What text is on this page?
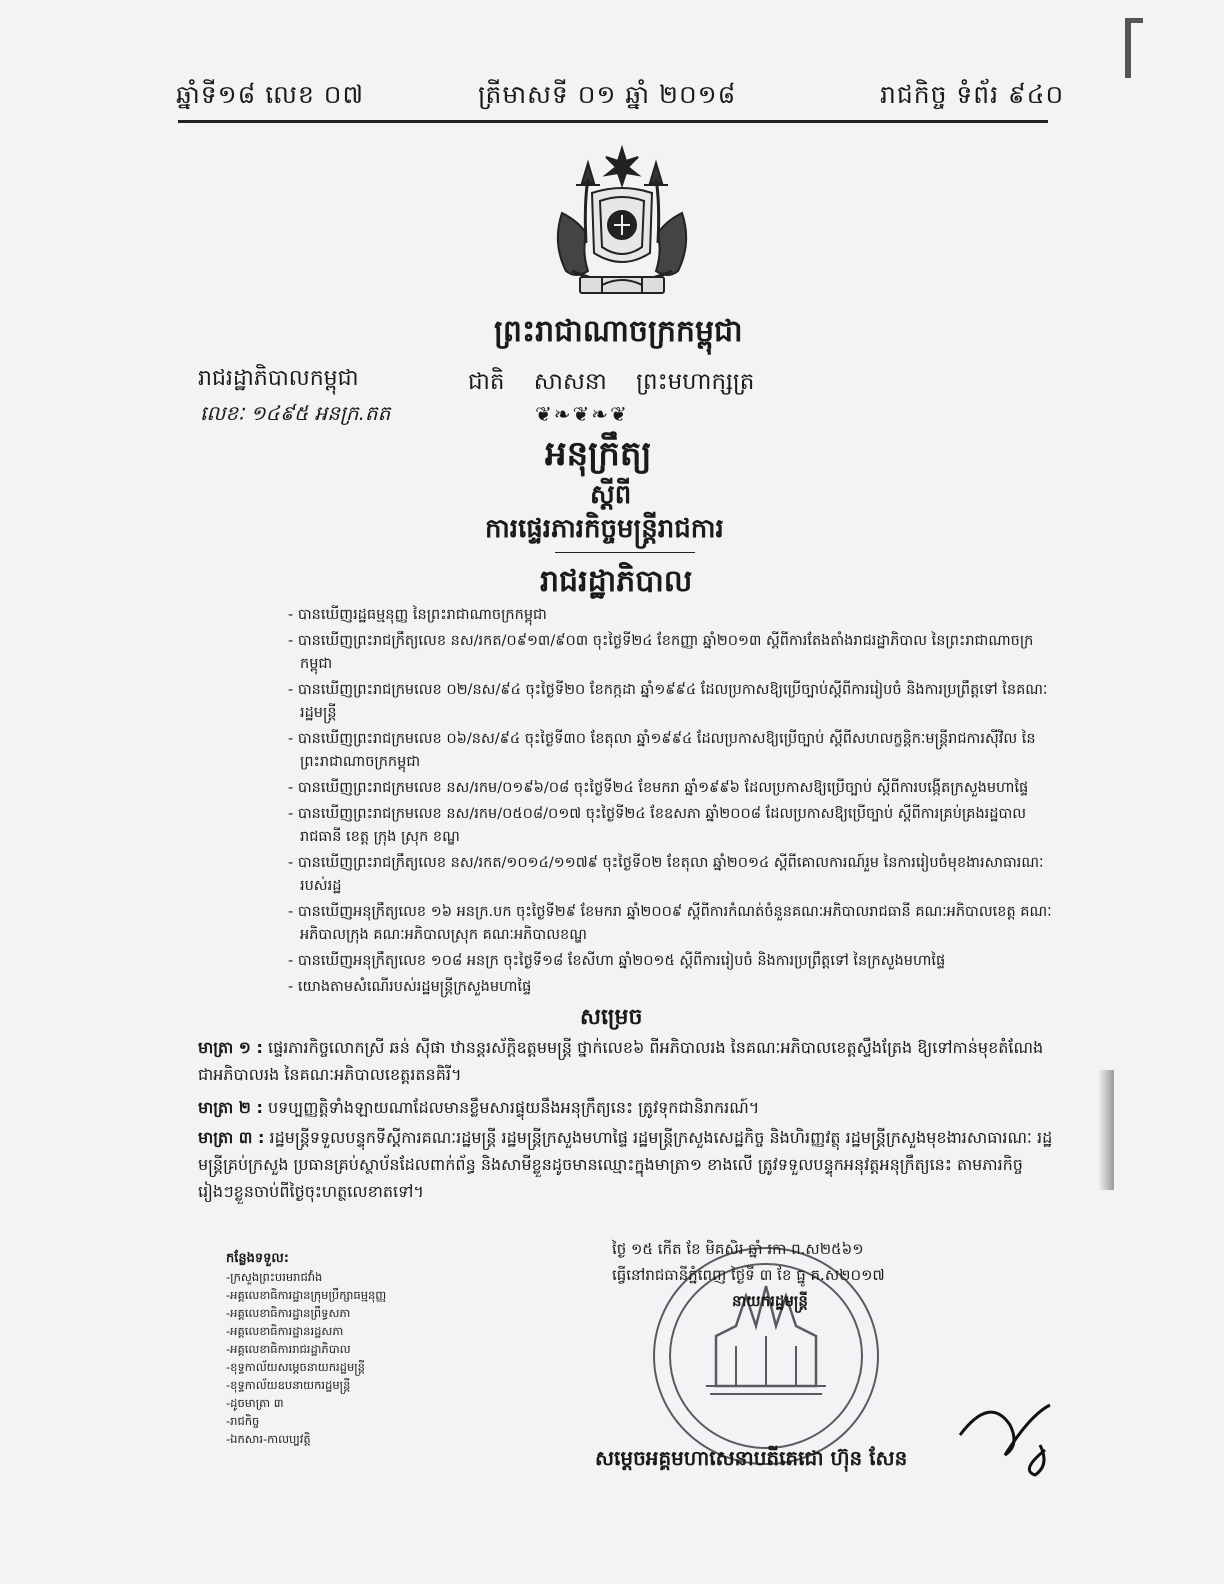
ឆ្នាំទី១៨ លេខ ០៧	ត្រីមាសទី ០១ ឆ្នាំ ២០១៨	រាជកិច្ច ទំព័រ ៩៤០
ព្រះរាជាណាចក្រកម្ពុជា
រាជរដ្ឋាភិបាលកម្ពុជា	ជាតិ សាសនា ព្រះមហាក្សត្រ
លេខៈ ១៤៩៥ អនក្រ.តត	❦❧❦❧❦
អនុក្រឹត្យ
ស្តីពី
ការផ្ទេរភារកិច្ចមន្ត្រីរាជការ
រាជរដ្ឋាភិបាល
- បានឃើញរដ្ឋធម្មនុញ្ញ នៃព្រះរាជាណាចក្រកម្ពុជា
- បានឃើញព្រះរាជក្រឹត្យលេខ នស/រកត/០៩១៣/៩០៣ ចុះថ្ងៃទី២៤ ខែកញ្ញា ឆ្នាំ២០១៣ ស្តីពីការតែងតាំងរាជរដ្ឋាភិបាល នៃព្រះរាជាណាចក្រកម្ពុជា
- បានឃើញព្រះរាជក្រមលេខ ០២/នស/៩៤ ចុះថ្ងៃទី២០ ខែកក្កដា ឆ្នាំ១៩៩៤ ដែលប្រកាសឱ្យប្រើច្បាប់ស្តីពីការរៀបចំ និងការប្រព្រឹត្តទៅ នៃគណៈរដ្ឋមន្ត្រី
- បានឃើញព្រះរាជក្រមលេខ ០៦/នស/៩៤ ចុះថ្ងៃទី៣០ ខែតុលា ឆ្នាំ១៩៩៤ ដែលប្រកាសឱ្យប្រើច្បាប់ ស្តីពីសហលក្ខន្តិកៈមន្ត្រីរាជការស៊ីវិល នៃព្រះរាជាណាចក្រកម្ពុជា
- បានឃើញព្រះរាជក្រមលេខ នស/រកម/០១៩៦/០៨ ចុះថ្ងៃទី២៤ ខែមករា ឆ្នាំ១៩៩៦ ដែលប្រកាសឱ្យប្រើច្បាប់ ស្តីពីការបង្កើតក្រសួងមហាផ្ទៃ
- បានឃើញព្រះរាជក្រមលេខ នស/រកម/០៥០៨/០១៧ ចុះថ្ងៃទី២៤ ខែឧសភា ឆ្នាំ២០០៨ ដែលប្រកាសឱ្យប្រើច្បាប់ ស្តីពីការគ្រប់គ្រងរដ្ឋបាលរាជធានី ខេត្ត ក្រុង ស្រុក ខណ្ឌ
- បានឃើញព្រះរាជក្រឹត្យលេខ នស/រកត/១០១៤/១១៧៩ ចុះថ្ងៃទី០២ ខែតុលា ឆ្នាំ២០១៤ ស្តីពីគោលការណ៍រួម នៃការរៀបចំមុខងារសាធារណៈរបស់រដ្ឋ
- បានឃើញអនុក្រឹត្យលេខ ១៦ អនក្រ.បក ចុះថ្ងៃទី២៩ ខែមករា ឆ្នាំ២០០៩ ស្តីពីការកំណត់ចំនួនគណៈអភិបាលរាជធានី គណៈអភិបាលខេត្ត គណៈអភិបាលក្រុង គណៈអភិបាលស្រុក គណៈអភិបាលខណ្ឌ
- បានឃើញអនុក្រឹត្យលេខ ១០៨ អនក្រ ចុះថ្ងៃទី១៨ ខែសីហា ឆ្នាំ២០១៥ ស្តីពីការរៀបចំ និងការប្រព្រឹត្តទៅ នៃក្រសួងមហាផ្ទៃ
- យោងតាមសំណើរបស់រដ្ឋមន្ត្រីក្រសួងមហាផ្ទៃ
សម្រេច
មាត្រា ១ : ផ្ទេរភារកិច្ចលោកស្រី ឆន់ ស៊ីផា ឋានន្តរស័ក្តិឧត្តមមន្ត្រី ថ្នាក់លេខ៦ ពីអភិបាលរង នៃគណៈអភិបាលខេត្តស្ទឹងត្រែង ឱ្យទៅកាន់មុខតំណែងជាអភិបាលរង នៃគណៈអភិបាលខេត្តរតនគិរី។
មាត្រា ២ : បទប្បញ្ញត្តិទាំងឡាយណាដែលមានខ្លឹមសារផ្ទុយនឹងអនុក្រឹត្យនេះ ត្រូវទុកជានិរាករណ៍។
មាត្រា ៣ : រដ្ឋមន្ត្រីទទួលបន្ទុកទីស្តីការគណៈរដ្ឋមន្ត្រី រដ្ឋមន្ត្រីក្រសួងមហាផ្ទៃ រដ្ឋមន្ត្រីក្រសួងសេដ្ឋកិច្ច និងហិរញ្ញវត្ថុ រដ្ឋមន្ត្រីក្រសួងមុខងារសាធារណៈ រដ្ឋមន្ត្រីគ្រប់ក្រសួង ប្រធានគ្រប់ស្ថាប័នដែលពាក់ព័ន្ធ និងសាមីខ្លួនដូចមានឈ្មោះក្នុងមាត្រា១ ខាងលើ ត្រូវទទួលបន្ទុកអនុវត្តអនុក្រឹត្យនេះ តាមភារកិច្ចរៀងៗខ្លួនចាប់ពីថ្ងៃចុះហត្ថលេខាតទៅ។
កន្លែងទទួល:
-ក្រសួងព្រះបរមរាជវាំង
-អគ្គលេខាធិការដ្ឋានក្រុមប្រឹក្សាធម្មនុញ្ញ
-អគ្គលេខាធិការដ្ឋានព្រឹទ្ធសភា
-អគ្គលេខាធិការដ្ឋានរដ្ឋសភា
-អគ្គលេខាធិការរាជរដ្ឋាភិបាល
-ខុទ្ទកាល័យសម្តេចនាយករដ្ឋមន្ត្រី
-ខុទ្ទកាល័យឧបនាយករដ្ឋមន្ត្រី
-ដូចមាត្រា ៣
-រាជកិច្ច
-ឯកសារ-កាលប្បវត្តិ
ថ្ងៃ ១៥ កើត ខែ មិគសិរ ឆ្នាំ រកា ព.ស២៥៦១
ធ្វើនៅរាជធានីភ្នំពេញ ថ្ងៃទី ៣ ខែ ធ្នូ គ.ស២០១៧
នាយករដ្ឋមន្ត្រី
សម្តេចអគ្គមហាសេនាបតីតេជោ ហ៊ុន សែន
